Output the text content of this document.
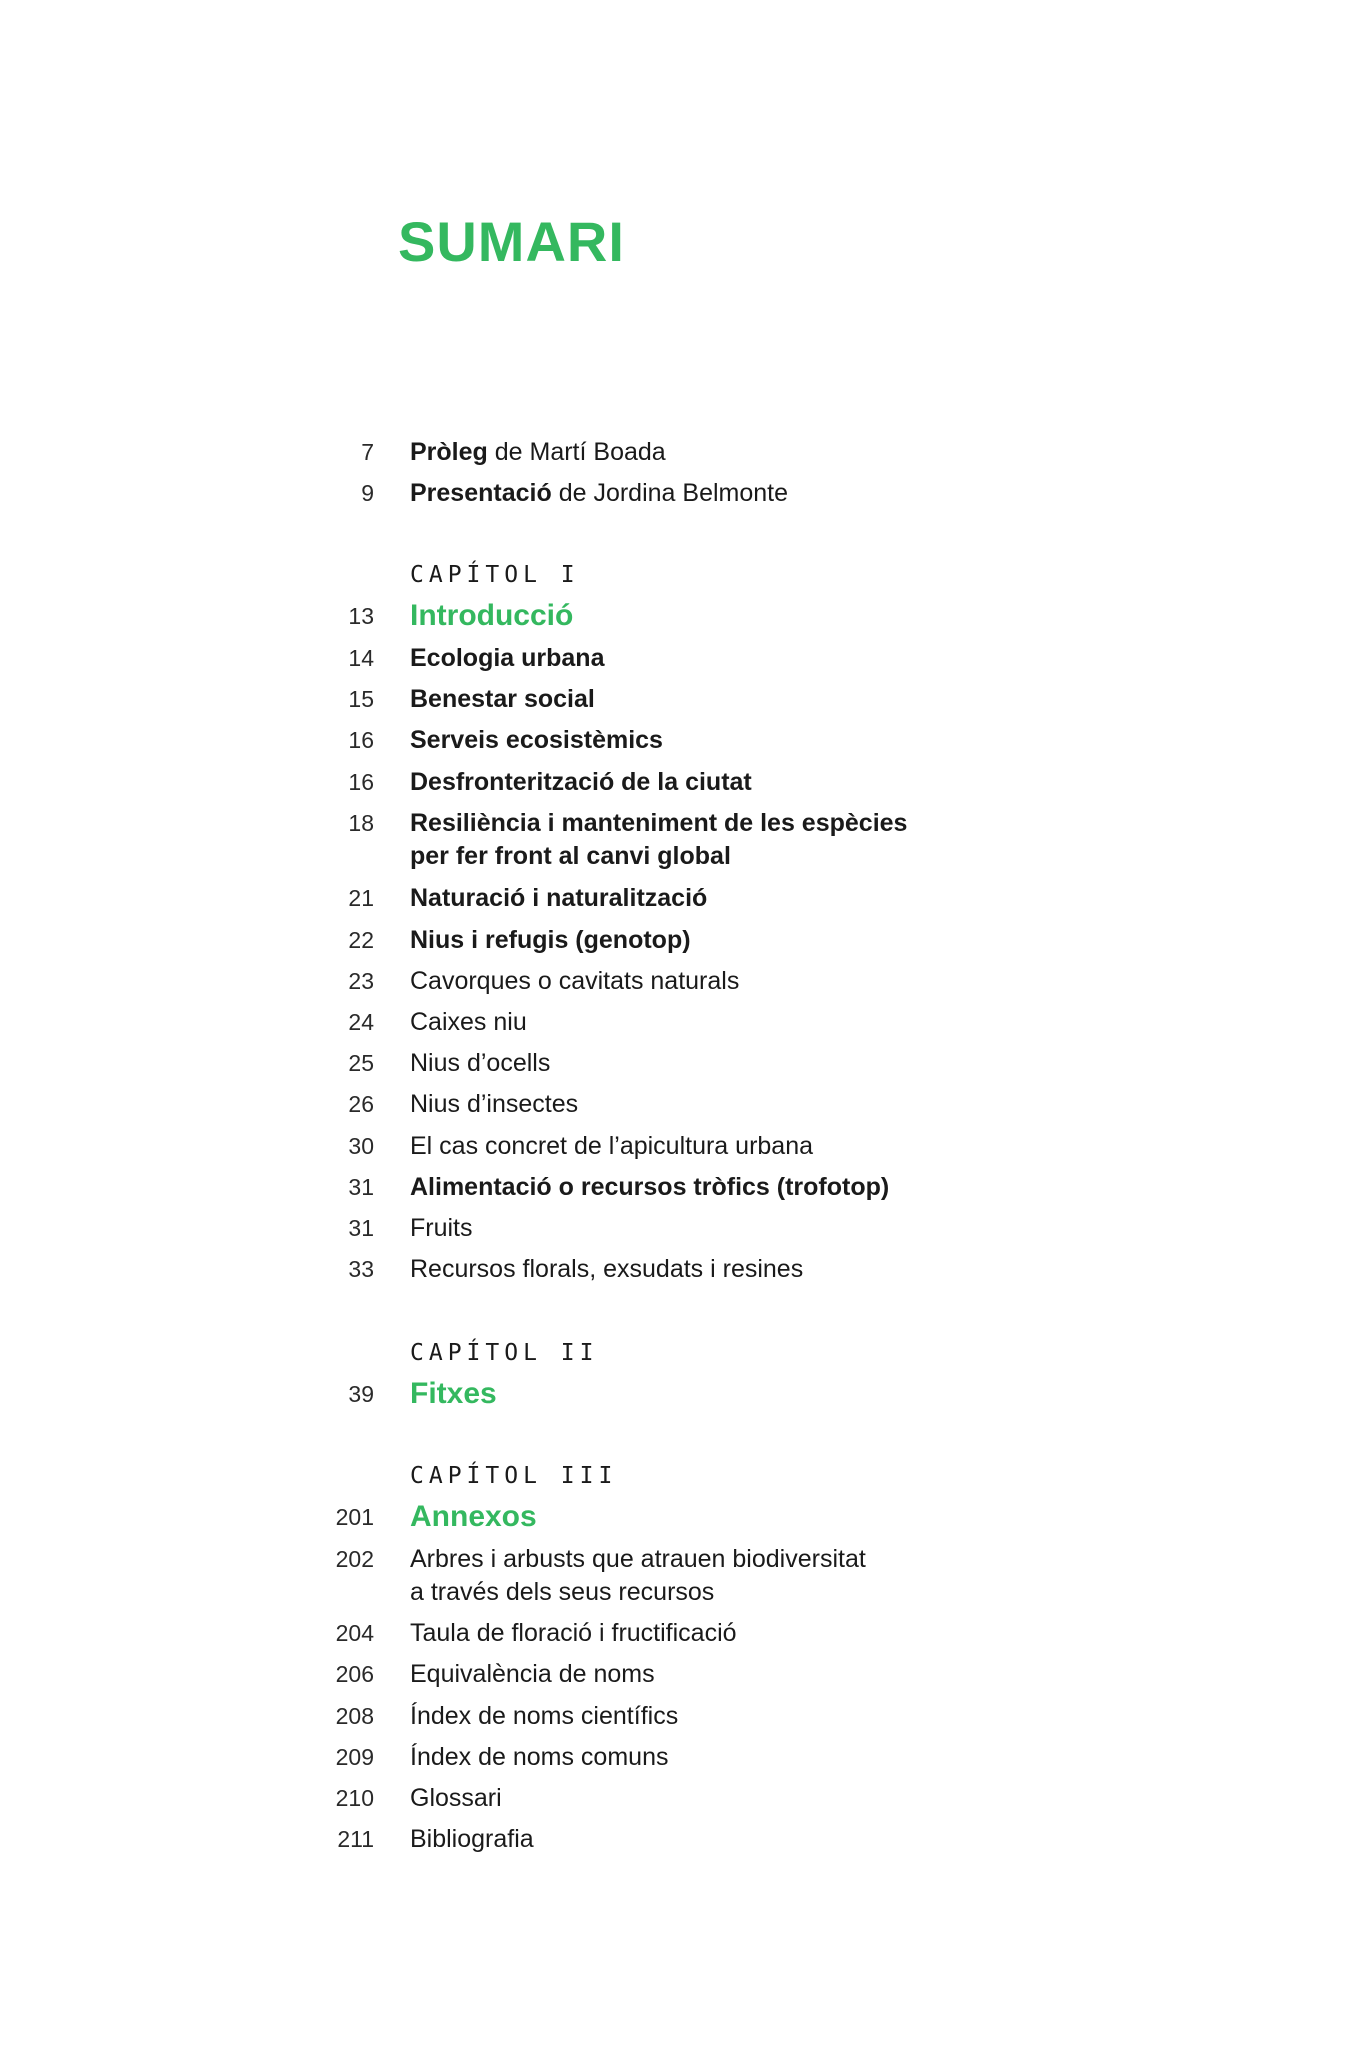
SUMARI
7 Pròleg de Martí Boada
9 Presentació de Jordina Belmonte
CAPÍTOL I
13 Introducció
14 Ecologia urbana
15 Benestar social
16 Serveis ecosistèmics
16 Desfronterització de la ciutat
18 Resiliència i manteniment de les espècies
per fer front al canvi global
21 Naturació i naturalització
22 Nius i refugis (genotop)
23 Cavorques o cavitats naturals
24 Caixes niu
25 Nius d’ocells
26 Nius d’insectes
30 El cas concret de l’apicultura urbana
31 Alimentació o recursos tròfics (trofotop)
31 Fruits
33 Recursos florals, exsudats i resines
CAPÍTOL II
39 Fitxes
CAPÍTOL III
201 Annexos
202 Arbres i arbusts que atrauen biodiversitat
a través dels seus recursos
204 Taula de floració i fructificació
206 Equivalència de noms
208 Índex de noms científics
209 Índex de noms comuns
210 Glossari
211 Bibliografia
